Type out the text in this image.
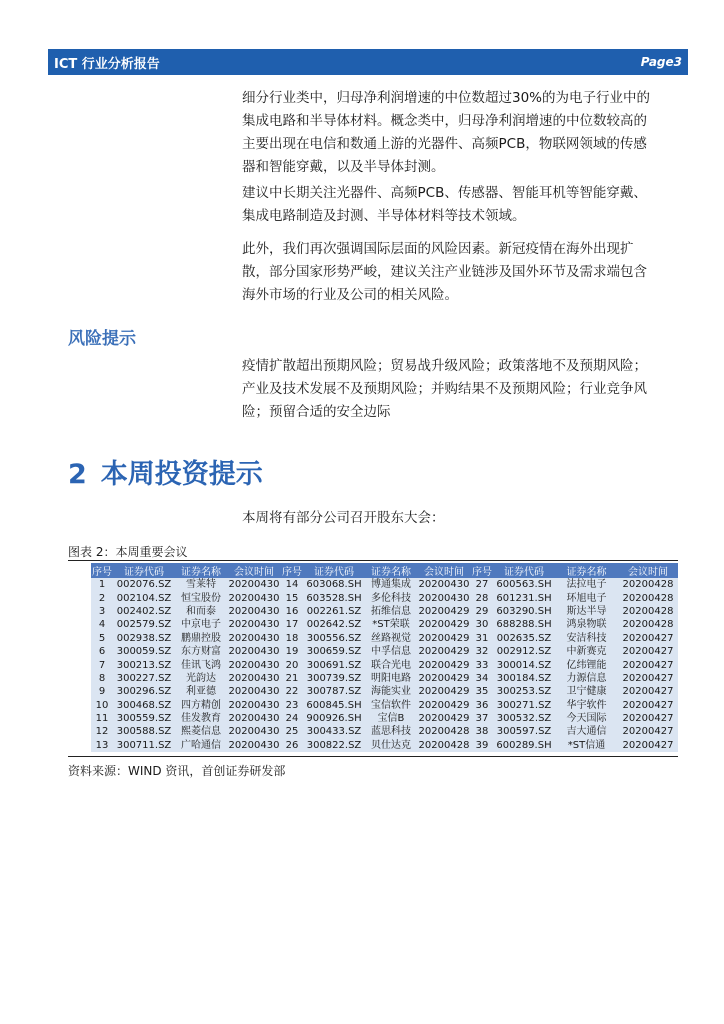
ICT 行业分析报告	Page3

细分行业类中，归母净利润增速的中位数超过30%的为电子行业中的集成电路和半导体材料。概念类中，归母净利润增速的中位数较高的主要出现在电信和数通上游的光器件、高频PCB，物联网领域的传感器和智能穿戴，以及半导体封测。

建议中长期关注光器件、高频PCB、传感器、智能耳机等智能穿戴、集成电路制造及封测、半导体材料等技术领域。

此外，我们再次强调国际层面的风险因素。新冠疫情在海外出现扩散，部分国家形势严峻，建议关注产业链涉及国外环节及需求端包含海外市场的行业及公司的相关风险。

风险提示

疫情扩散超出预期风险；贸易战升级风险；政策落地不及预期风险；产业及技术发展不及预期风险；并购结果不及预期风险；行业竞争风险；预留合适的安全边际

2 本周投资提示

本周将有部分公司召开股东大会：

图表 2：本周重要会议

序号	证券代码	证券名称	会议时间	序号	证券代码	证券名称	会议时间	序号	证券代码	证券名称	会议时间
1	002076.SZ	雪莱特	20200430	14	603068.SH	博通集成	20200430	27	600563.SH	法拉电子	20200428
2	002104.SZ	恒宝股份	20200430	15	603528.SH	多伦科技	20200430	28	601231.SH	环旭电子	20200428
3	002402.SZ	和而泰	20200430	16	002261.SZ	拓维信息	20200429	29	603290.SH	斯达半导	20200428
4	002579.SZ	中京电子	20200430	17	002642.SZ	*ST荣联	20200429	30	688288.SH	鸿泉物联	20200428
5	002938.SZ	鹏鼎控股	20200430	18	300556.SZ	丝路视觉	20200429	31	002635.SZ	安洁科技	20200427
6	300059.SZ	东方财富	20200430	19	300659.SZ	中孚信息	20200429	32	002912.SZ	中新赛克	20200427
7	300213.SZ	佳讯飞鸿	20200430	20	300691.SZ	联合光电	20200429	33	300014.SZ	亿纬锂能	20200427
8	300227.SZ	光韵达	20200430	21	300739.SZ	明阳电路	20200429	34	300184.SZ	力源信息	20200427
9	300296.SZ	利亚德	20200430	22	300787.SZ	海能实业	20200429	35	300253.SZ	卫宁健康	20200427
10	300468.SZ	四方精创	20200430	23	600845.SH	宝信软件	20200429	36	300271.SZ	华宇软件	20200427
11	300559.SZ	佳发教育	20200430	24	900926.SH	宝信B	20200429	37	300532.SZ	今天国际	20200427
12	300588.SZ	熙菱信息	20200430	25	300433.SZ	蓝思科技	20200428	38	300597.SZ	吉大通信	20200427
13	300711.SZ	广哈通信	20200430	26	300822.SZ	贝仕达克	20200428	39	600289.SH	*ST信通	20200427

资料来源：WIND 资讯，首创证券研发部
